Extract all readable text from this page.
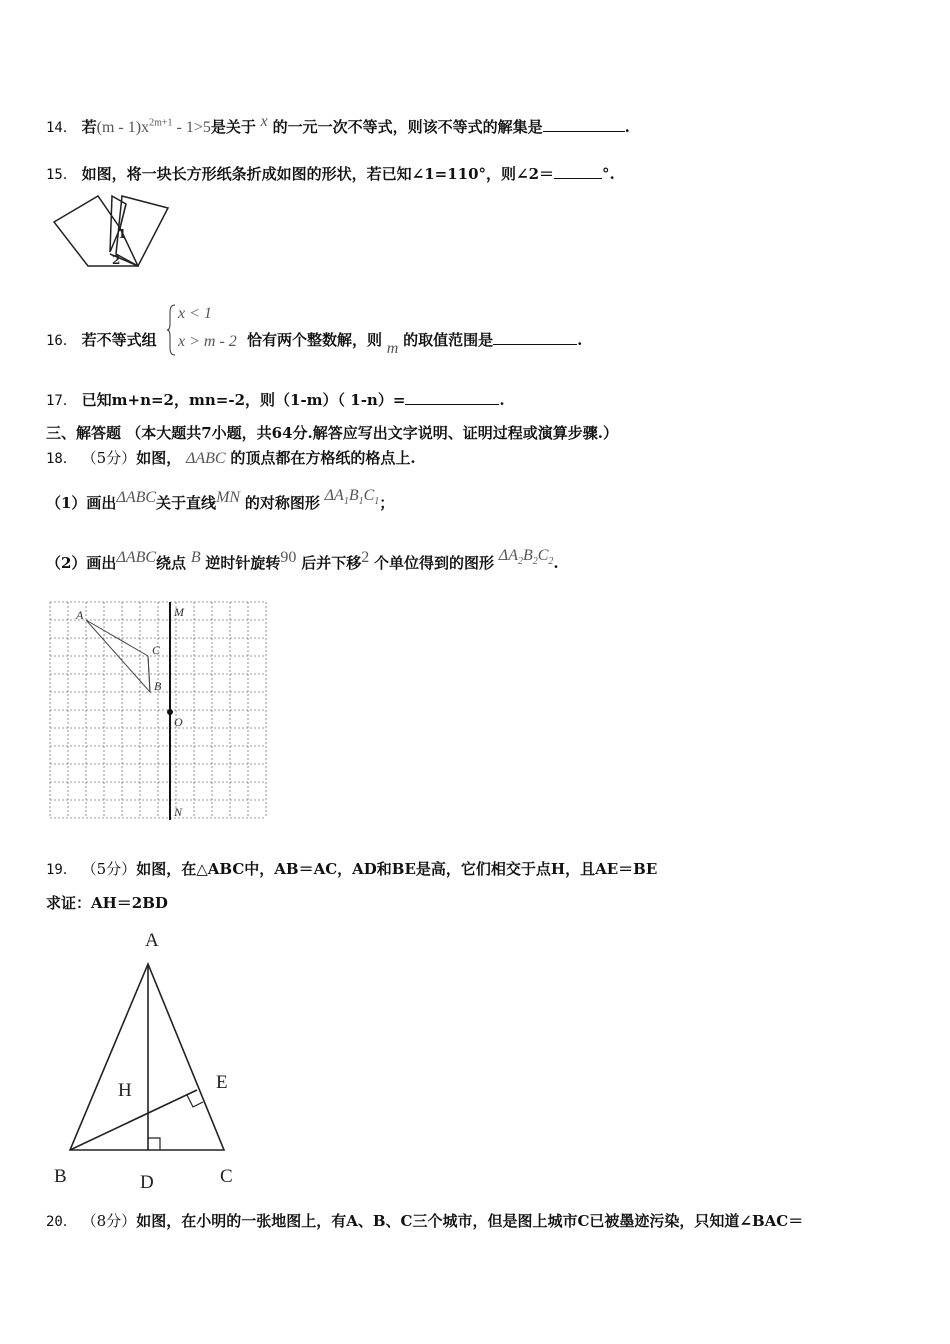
14． 若$(m - 1)x^{2m+1} - 1>5$是关于 $^x$ 的一元一次不等式，则该不等式的解集是	.
15． 如图，将一块长方形纸条折成如图的形状，若已知∠1=110°，则∠2＝	°.
1
2
x < 1
x > m - 2
16． 若不等式组	恰有两个整数解，则 m 的取值范围是	.
17． 已知m+n=2，mn=-2，则（1-m）（ 1-n）=	.
三、解答题 （本大题共7小题，共64分.解答应写出文字说明、证明过程或演算步骤.）
18． （5分）如图， ΔABC 的顶点都在方格纸的格点上.
（1）画出ΔABC关于直线MN 的对称图形 $\Delta A_1B_1C_1$；
（2）画出ΔABC绕点 B 逆时针旋转90 后并下移2 个单位得到的图形 $\Delta A_2B_2C_2$.
A
C
B
M
O
N
19． （5分）如图，在△ABC中，AB＝AC，AD和BE是高，它们相交于点H，且AE＝BE
求证：AH＝2BD
A
B	C
D
E
H
20． （8分）如图，在小明的一张地图上，有A、B、C三个城市，但是图上城市C已被墨迹污染，只知道∠BAC＝
